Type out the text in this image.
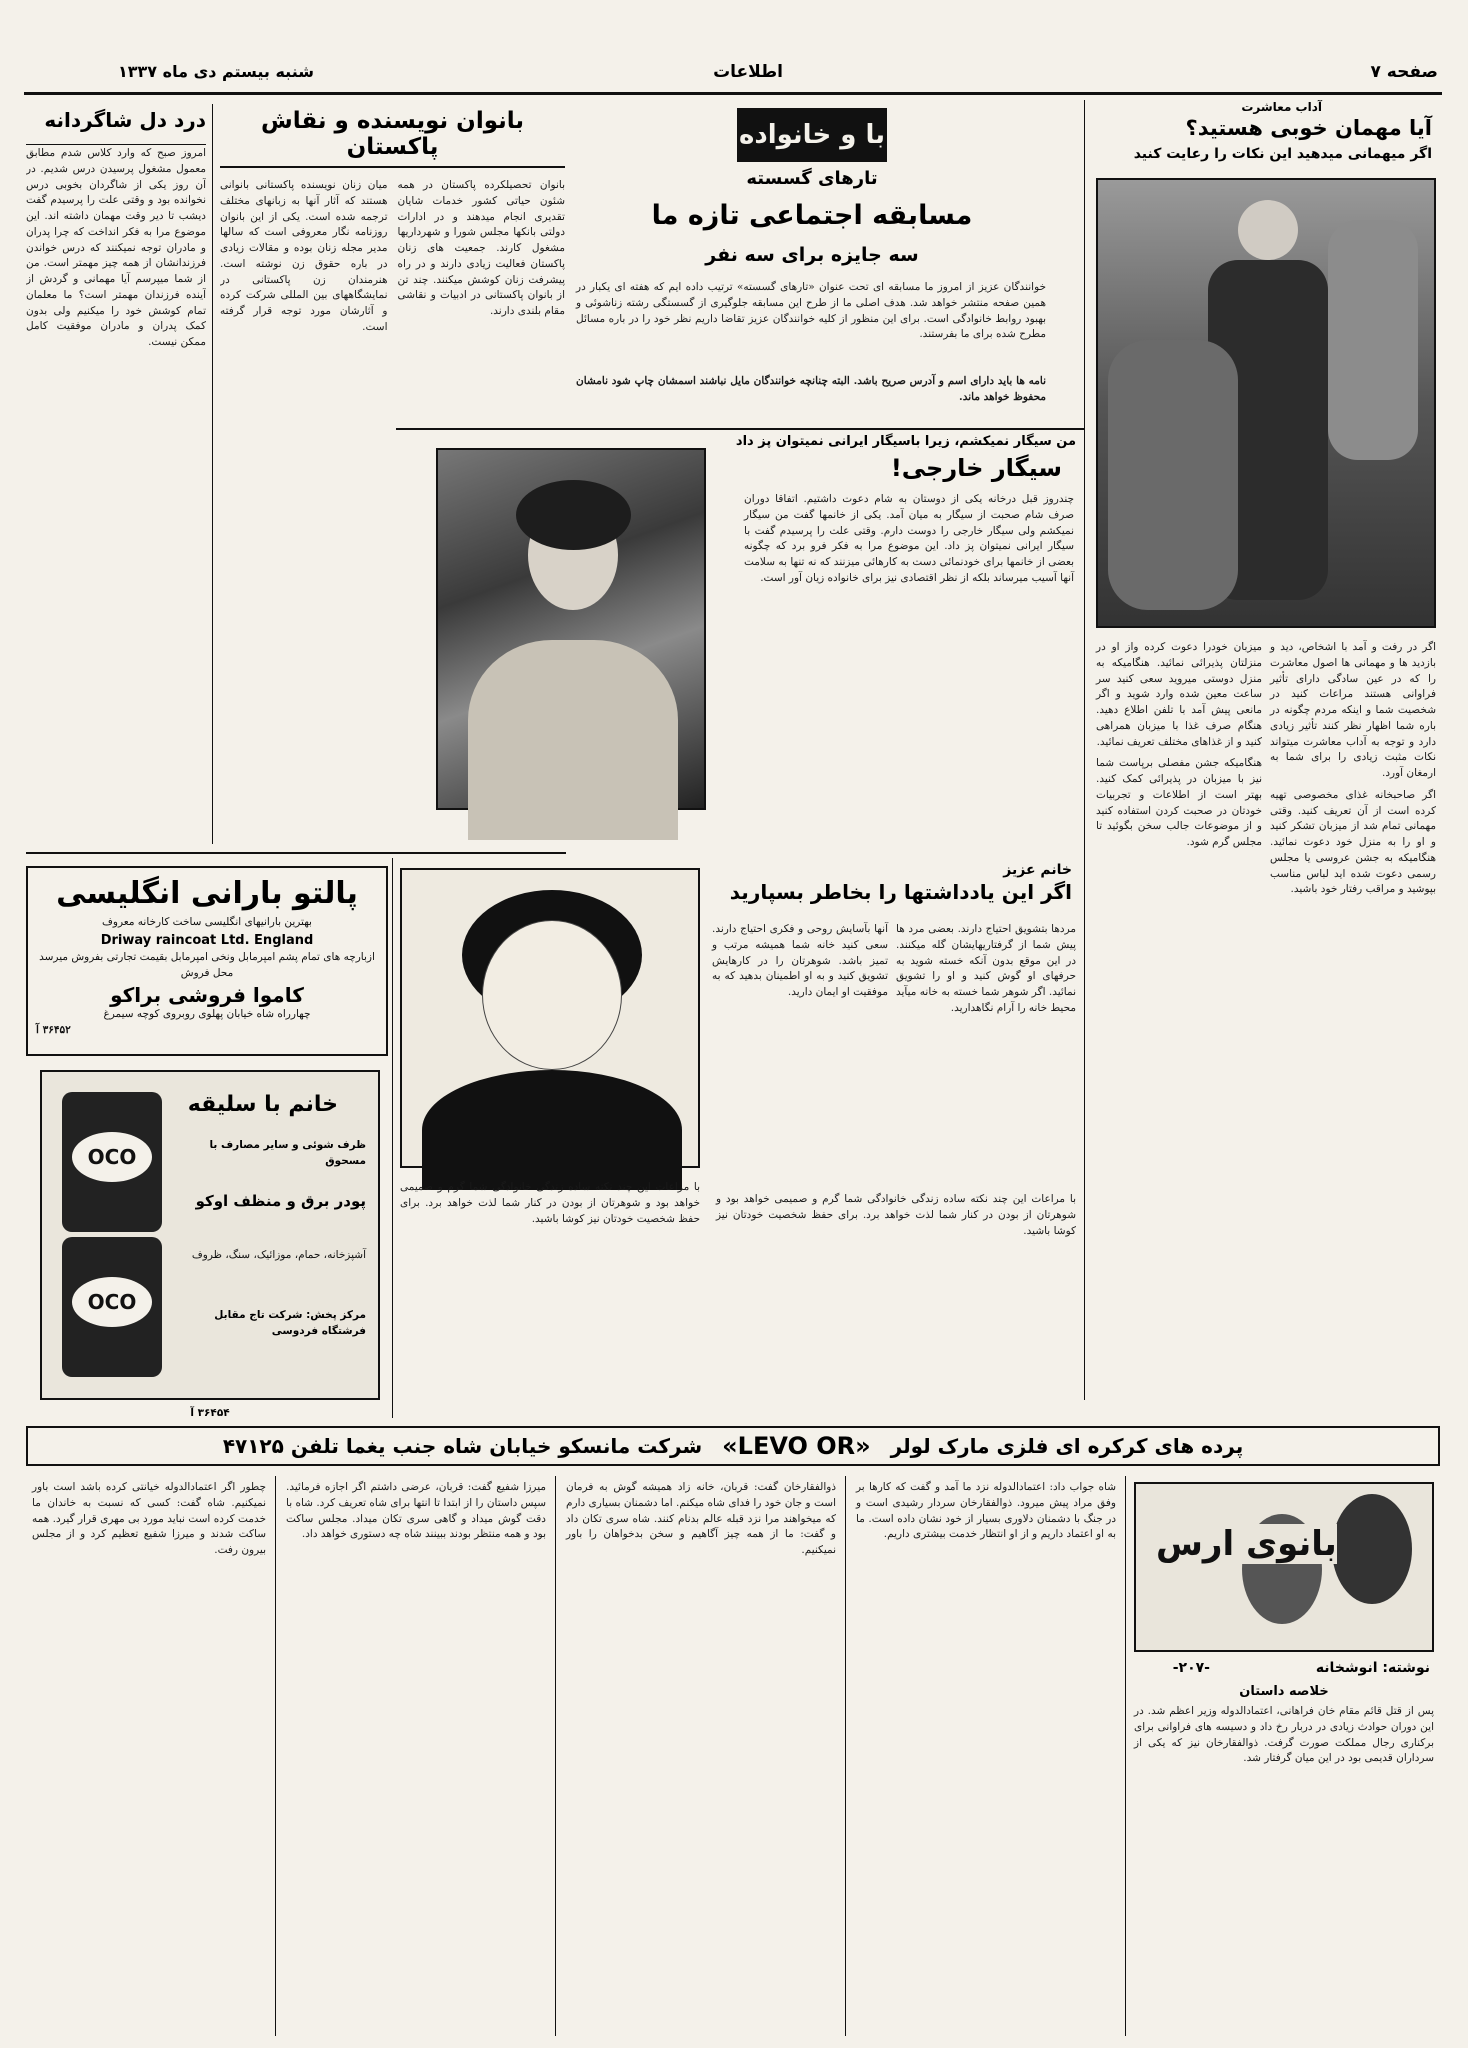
صفحه ۷
اطلاعات
شنبه بیستم دی ماه ۱۳۳۷
درد دل شاگردانه
امروز صبح که وارد کلاس شدم مطابق معمول مشغول پرسیدن درس شدیم. در آن روز یکی از شاگردان بخوبی درس نخوانده بود و وقتی علت را پرسیدم گفت دیشب تا دیر وقت مهمان داشته اند. این موضوع مرا به فکر انداخت که چرا پدران و مادران توجه نمیکنند که درس خواندن فرزندانشان از همه چیز مهمتر است. من از شما میپرسم آیا مهمانی و گردش از آینده فرزندان مهمتر است؟ ما معلمان تمام کوشش خود را میکنیم ولی بدون کمک پدران و مادران موفقیت کامل ممکن نیست.
بانوان نویسنده و نقاش پاکستان
بانوان تحصیلکرده پاکستان در همه شئون حیاتی کشور خدمات شایان تقدیری انجام میدهند و در ادارات دولتی بانکها مجلس شورا و شهرداریها مشغول کارند. جمعیت های زنان پاکستان فعالیت زیادی دارند و در راه پیشرفت زنان کوشش میکنند. چند تن از بانوان پاکستانی در ادبیات و نقاشی مقام بلندی دارند.
میان زنان نویسنده پاکستانی بانوانی هستند که آثار آنها به زبانهای مختلف ترجمه شده است. یکی از این بانوان روزنامه نگار معروفی است که سالها مدیر مجله زنان بوده و مقالات زیادی در باره حقوق زن نوشته است. هنرمندان زن پاکستانی در نمایشگاههای بین المللی شرکت کرده و آثارشان مورد توجه قرار گرفته است.
با و خانواده
تارهای گسسته
مسابقه اجتماعی تازه ما
سه جایزه برای سه نفر
خوانندگان عزیز از امروز ما مسابقه ای تحت عنوان «تارهای گسسته» ترتیب داده ایم که هفته ای یکبار در همین صفحه منتشر خواهد شد. هدف اصلی ما از طرح این مسابقه جلوگیری از گسستگی رشته زناشوئی و بهبود روابط خانوادگی است. برای این منظور از کلیه خوانندگان عزیز تقاضا داریم نظر خود را در باره مسائل مطرح شده برای ما بفرستند.
نامه ها باید دارای اسم و آدرس صریح باشد. البته چنانچه خوانندگان مایل نباشند اسمشان چاپ شود نامشان محفوظ خواهد ماند.
من سیگار نمیکشم، زیرا باسیگار ایرانی نمیتوان پز داد
سیگار خارجی!
چندروز قبل درخانه یکی از دوستان به شام دعوت داشتیم. اتفاقا دوران صرف شام صحبت از سیگار به میان آمد. یکی از خانمها گفت من سیگار نمیکشم ولی سیگار خارجی را دوست دارم. وقتی علت را پرسیدم گفت با سیگار ایرانی نمیتوان پز داد. این موضوع مرا به فکر فرو برد که چگونه بعضی از خانمها برای خودنمائی دست به کارهائی میزنند که نه تنها به سلامت آنها آسیب میرساند بلکه از نظر اقتصادی نیز برای خانواده زیان آور است.
آداب معاشرت
آیا مهمان خوبی هستید؟
اگر میهمانی میدهید این نکات را رعایت کنید
اگر در رفت و آمد با اشخاص، دید و بازدید ها و مهمانی ها اصول معاشرت را که در عین سادگی دارای تأثیر فراوانی هستند مراعات کنید در شخصیت شما و اینکه مردم چگونه در باره شما اظهار نظر کنند تأثیر زیادی دارد و توجه به آداب معاشرت میتواند نکات مثبت زیادی را برای شما به ارمغان آورد.
اگر صاحبخانه غذای مخصوصی تهیه کرده است از آن تعریف کنید. وقتی مهمانی تمام شد از میزبان تشکر کنید و او را به منزل خود دعوت نمائید. هنگامیکه به جشن عروسی یا مجلس رسمی دعوت شده اید لباس مناسب بپوشید و مراقب رفتار خود باشید.
میزبان خودرا دعوت کرده واز او در منزلتان پذیرائی نمائید. هنگامیکه به منزل دوستی میروید سعی کنید سر ساعت معین شده وارد شوید و اگر مانعی پیش آمد با تلفن اطلاع دهید. هنگام صرف غذا با میزبان همراهی کنید و از غذاهای مختلف تعریف نمائید.
هنگامیکه جشن مفصلی برپاست شما نیز با میزبان در پذیرائی کمک کنید. بهتر است از اطلاعات و تجربیات خودتان در صحبت کردن استفاده کنید و از موضوعات جالب سخن بگوئید تا مجلس گرم شود.
پالتو بارانی انگلیسی
بهترین بارانیهای انگلیسی ساخت کارخانه معروف
Driway raincoat Ltd. England
ازبارچه های تمام پشم امپرمابل ونخی امپرمابل بقیمت تجارتی بفروش میرسد محل فروش
کاموا فروشی براکو
چهارراه شاه خیابان پهلوی روبروی کوچه سیمرغ
۳۶۴۵۲ آ
خانم با سلیقه
OCO
OCO
ظرف شوئی و سایر مصارف با مسحوق
پودر برق و منظف اوکو
آشپزخانه، حمام، موزائیک، سنگ، ظروف
مرکز پخش: شرکت تاج مقابل فرشتگاه فردوسی
۳۶۴۵۴ آ
خانم عزیز
اگر این یادداشتها را بخاطر بسپارید
مردها بتشویق احتیاج دارند. بعضی مرد ها پیش شما از گرفتاریهایشان گله میکنند. در این موقع بدون آنکه خسته شوید به حرفهای او گوش کنید و او را تشویق نمائید. اگر شوهر شما خسته به خانه میآید محیط خانه را آرام نگاهدارید.
آنها بآسایش روحی و فکری احتیاج دارند. سعی کنید خانه شما همیشه مرتب و تمیز باشد. شوهرتان را در کارهایش تشویق کنید و به او اطمینان بدهید که به موفقیت او ایمان دارید.
با مراعات این چند نکته ساده زندگی خانوادگی شما گرم و صمیمی خواهد بود و شوهرتان از بودن در کنار شما لذت خواهد برد. برای حفظ شخصیت خودتان نیز کوشا باشید.
با مراعات این چند نکته ساده زندگی خانوادگی شما گرم و صمیمی خواهد بود و شوهرتان از بودن در کنار شما لذت خواهد برد. برای حفظ شخصیت خودتان نیز کوشا باشید.
پرده های کرکره ای فلزی مارک لولر
«LEVO OR»
شرکت مانسکو خیابان شاه جنب یغما تلفن ۴۷۱۲۵
بانوی ارس
نوشته: انوشخانه
-۲۰۷-
خلاصه داستان
پس از قتل قائم مقام خان فراهانی، اعتمادالدوله وزیر اعظم شد. در این دوران حوادث زیادی در دربار رخ داد و دسیسه های فراوانی برای برکناری رجال مملکت صورت گرفت. ذوالفقارخان نیز که یکی از سرداران قدیمی بود در این میان گرفتار شد.
شاه جواب داد: اعتمادالدوله نزد ما آمد و گفت که کارها بر وفق مراد پیش میرود. ذوالفقارخان سردار رشیدی است و در جنگ با دشمنان دلاوری بسیار از خود نشان داده است. ما به او اعتماد داریم و از او انتظار خدمت بیشتری داریم.
ذوالفقارخان گفت: قربان، خانه زاد همیشه گوش به فرمان است و جان خود را فدای شاه میکنم. اما دشمنان بسیاری دارم که میخواهند مرا نزد قبله عالم بدنام کنند. شاه سری تکان داد و گفت: ما از همه چیز آگاهیم و سخن بدخواهان را باور نمیکنیم.
میرزا شفیع گفت: قربان، عرضی داشتم اگر اجازه فرمائید. سپس داستان را از ابتدا تا انتها برای شاه تعریف کرد. شاه با دقت گوش میداد و گاهی سری تکان میداد. مجلس ساکت بود و همه منتظر بودند ببینند شاه چه دستوری خواهد داد.
چطور اگر اعتمادالدوله خیانتی کرده باشد است باور نمیکنیم. شاه گفت: کسی که نسبت به خاندان ما خدمت کرده است نباید مورد بی مهری قرار گیرد. همه ساکت شدند و میرزا شفیع تعظیم کرد و از مجلس بیرون رفت.
